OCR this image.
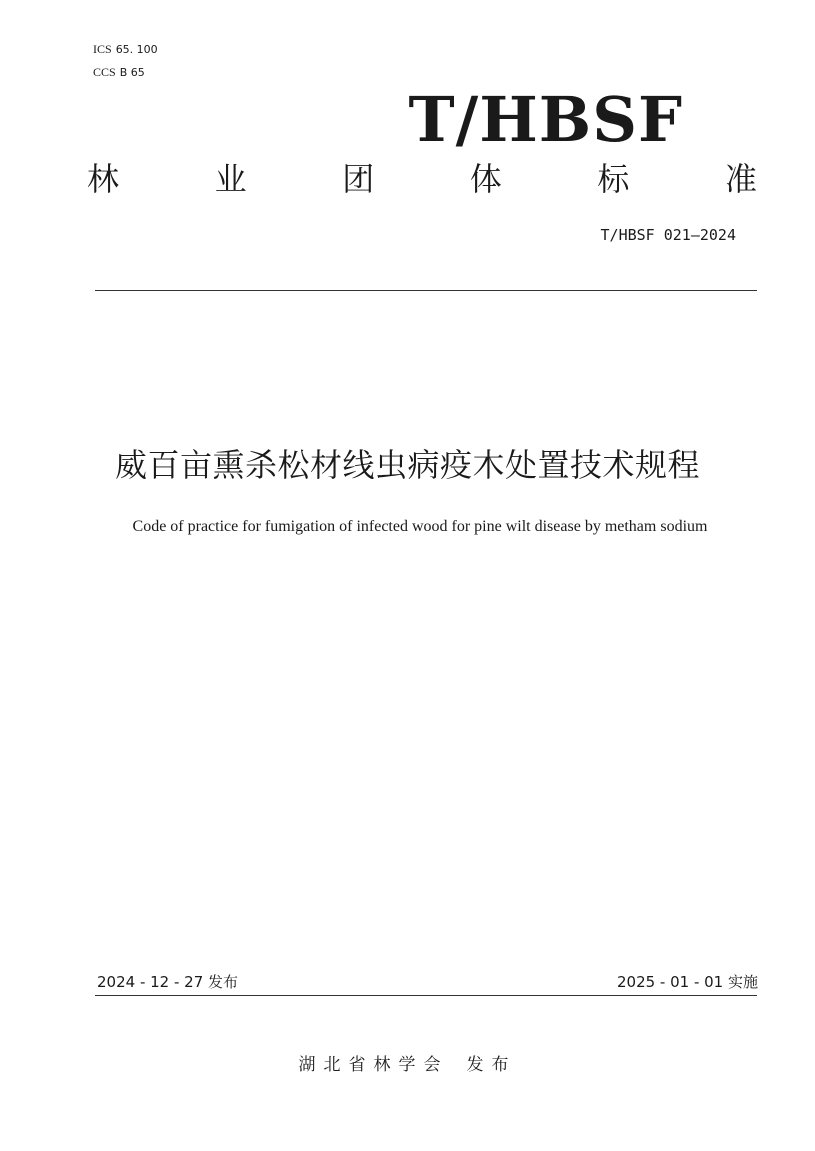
ICS 65. 100
CCS B 65
T/HBSF
林	业	团	体	标	准
T/HBSF 021—2024
威百亩熏杀松材线虫病疫木处置技术规程
Code of practice for fumigation of infected wood for pine wilt disease by metham sodium
2024 - 12 - 27 发布	2025 - 01 - 01 实施
湖北省林学会 发布
